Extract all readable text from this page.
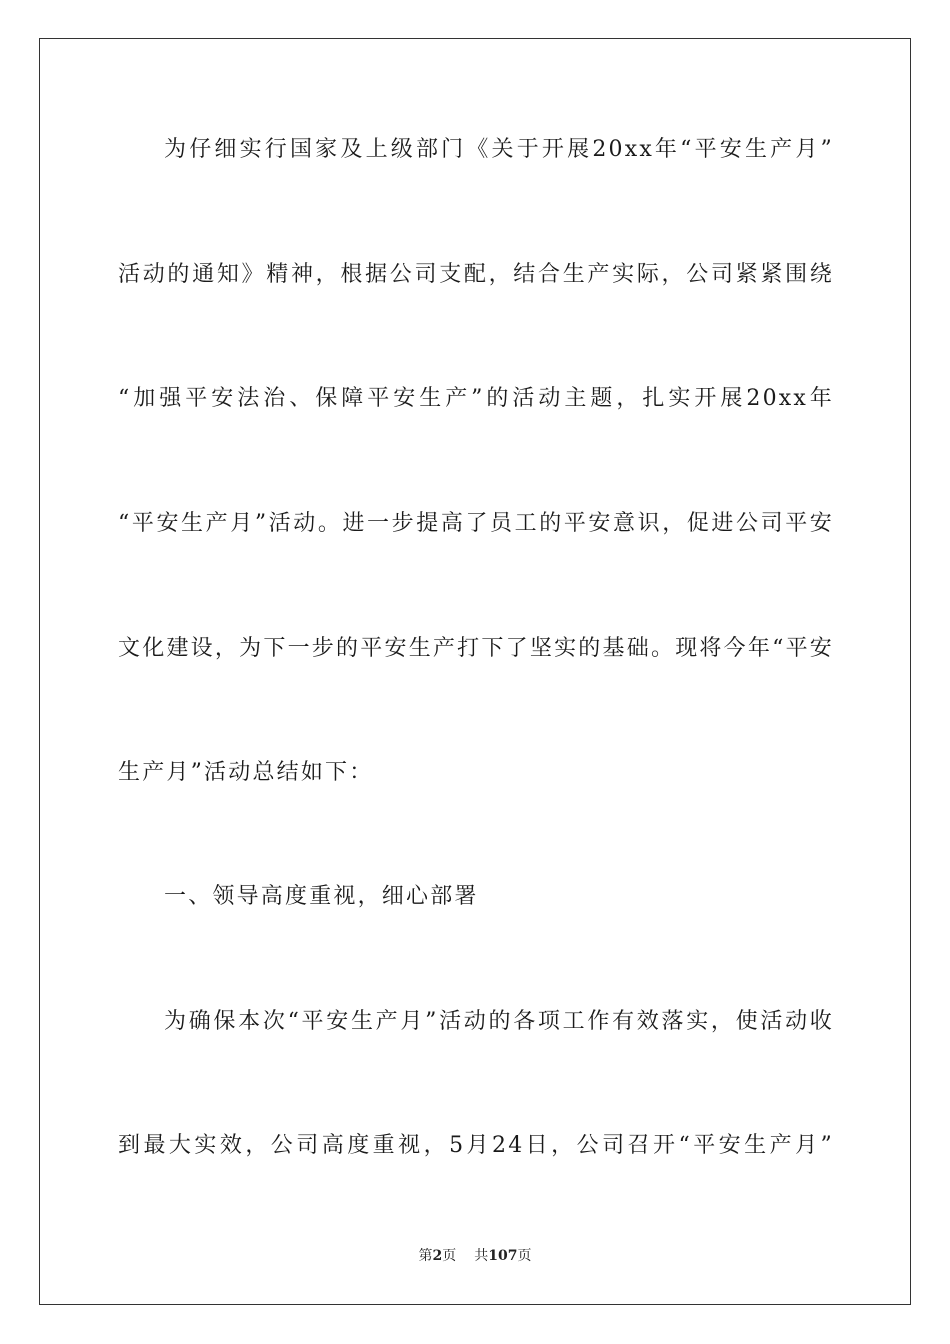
为仔细实行国家及上级部门《关于开展20xx年“平安生产月”
活动的通知》精神，根据公司支配，结合生产实际，公司紧紧围绕
“加强平安法治、保障平安生产”的活动主题，扎实开展20xx年
“平安生产月”活动。进一步提高了员工的平安意识，促进公司平安
文化建设，为下一步的平安生产打下了坚实的基础。现将今年“平安
生产月”活动总结如下：
一、领导高度重视，细心部署
为确保本次“平安生产月”活动的各项工作有效落实，使活动收
到最大实效，公司高度重视，5月24日，公司召开“平安生产月”
第2页 共107页
